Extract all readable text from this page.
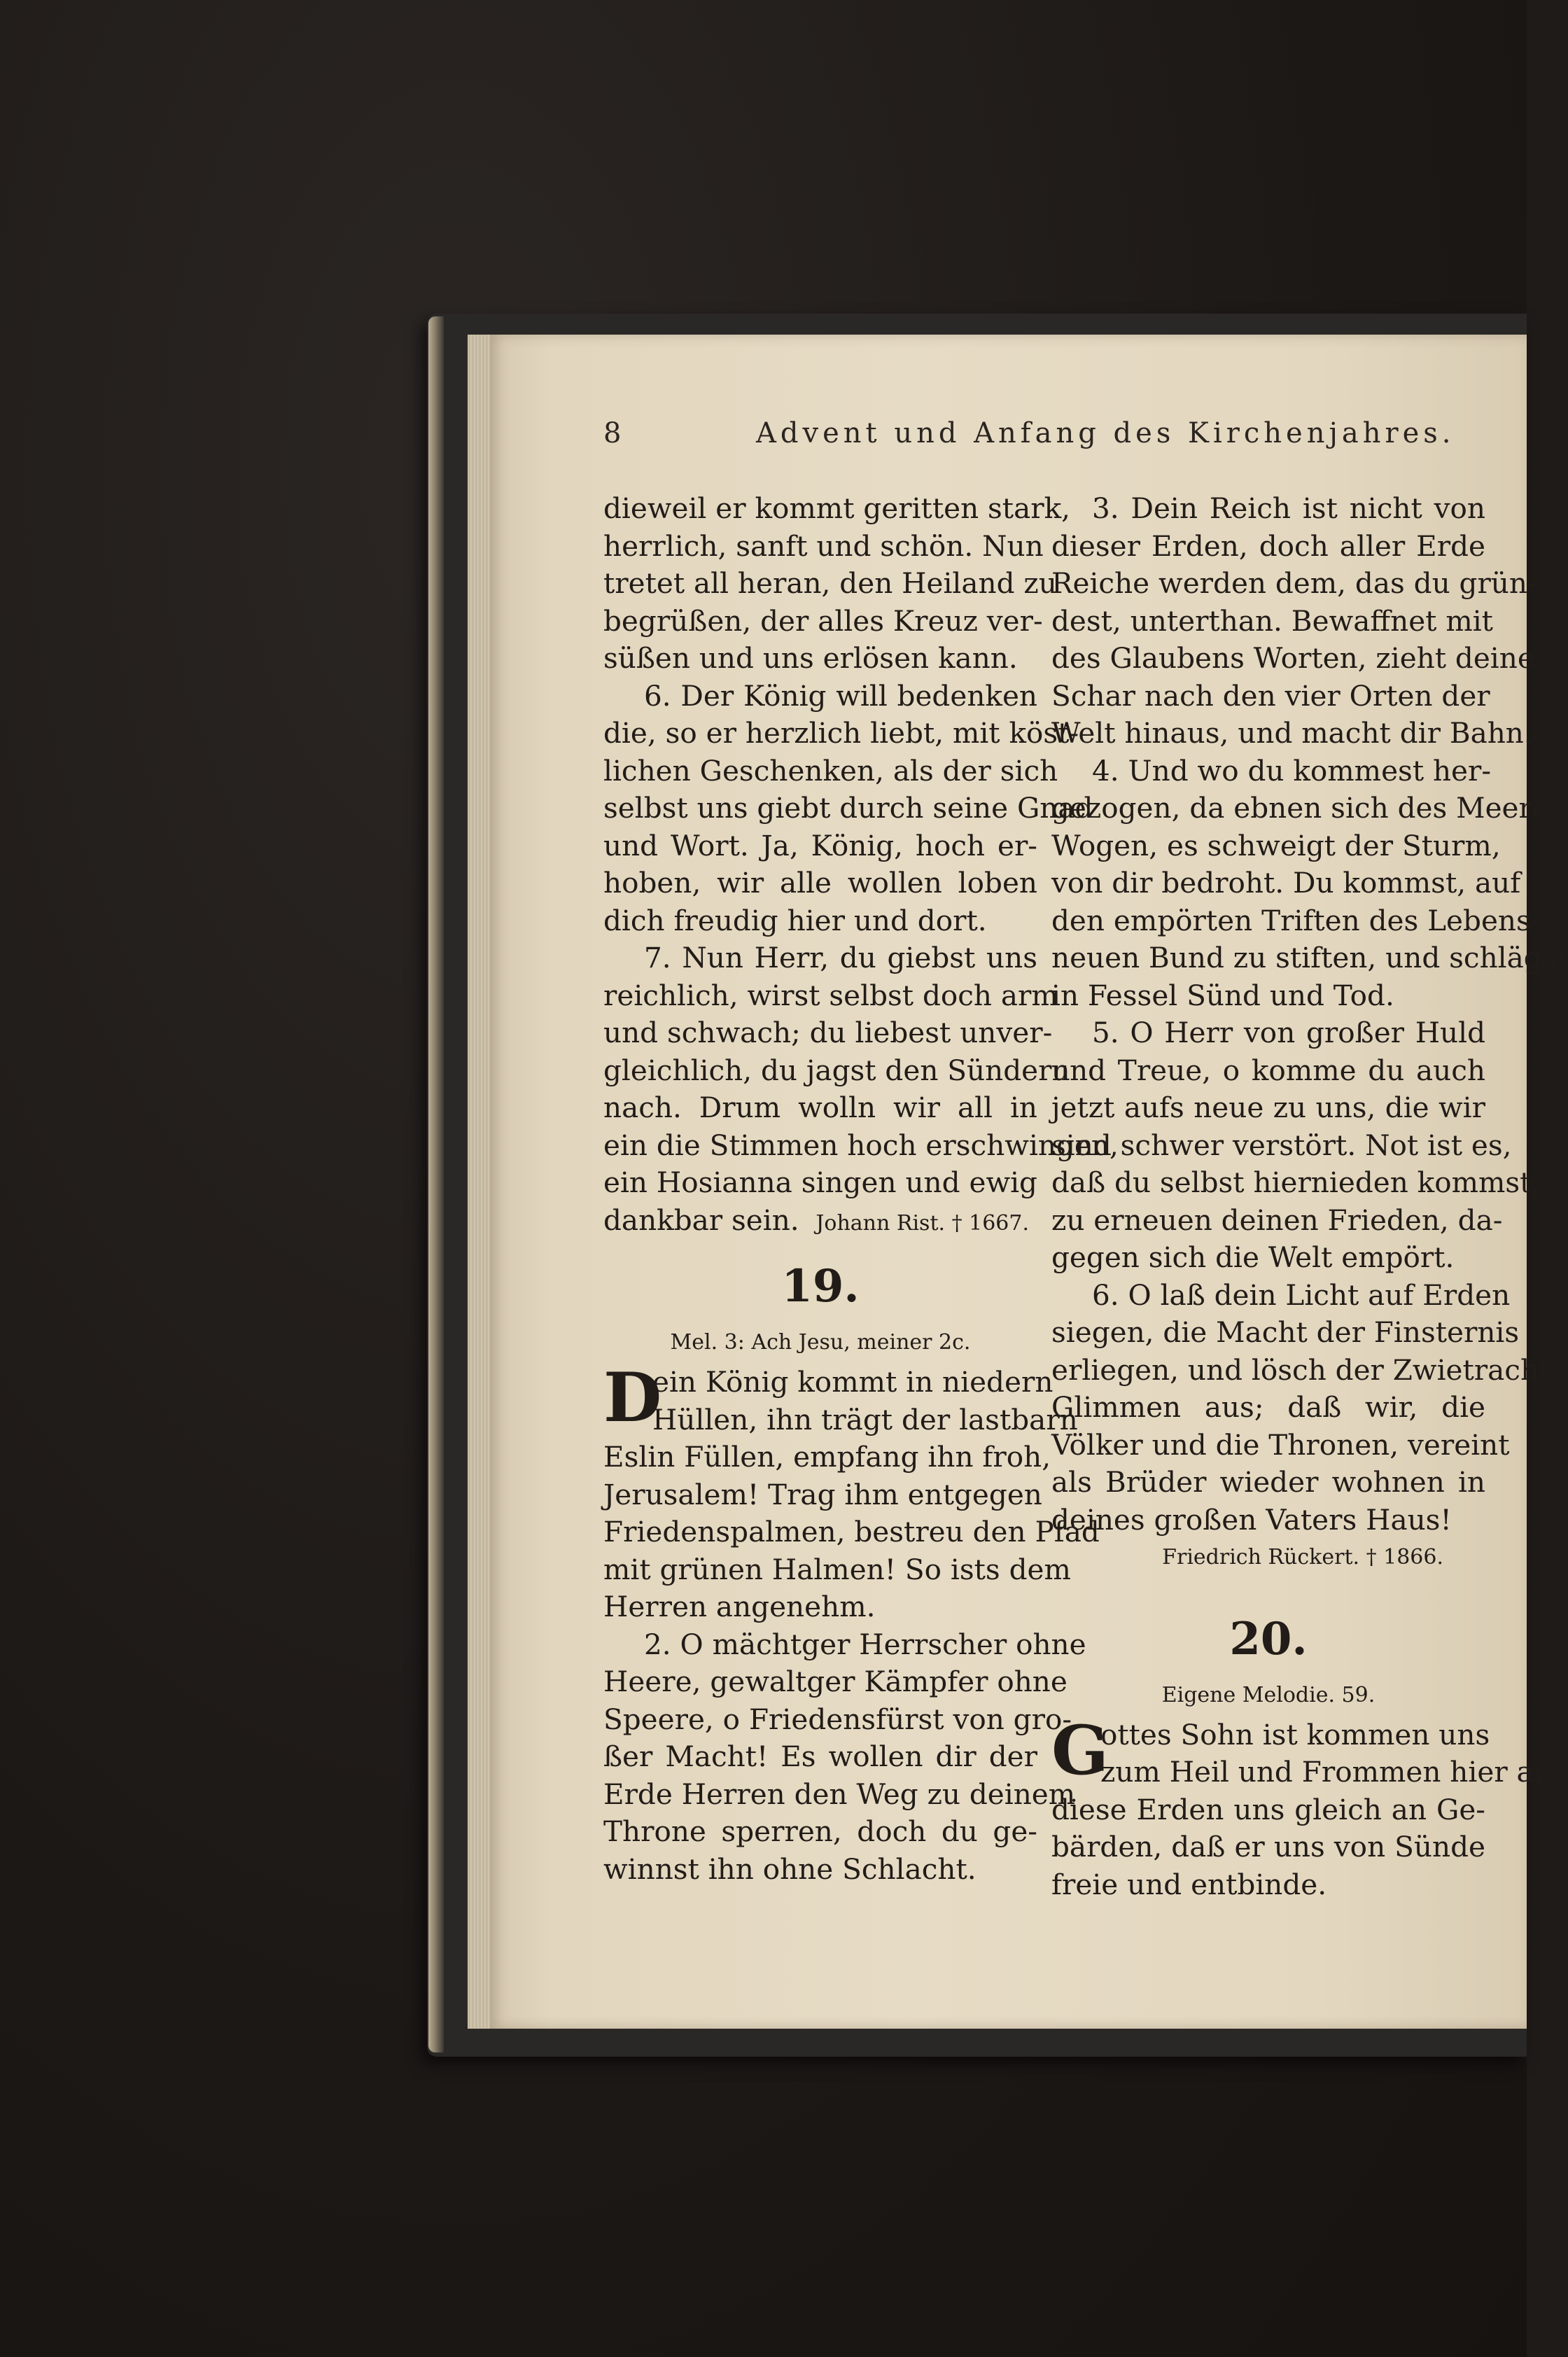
8	Advent und Anfang des Kirchenjahres.
dieweil er kommt geritten stark,
herrlich, sanft und schön. Nun
tretet all heran, den Heiland zu
begrüßen, der alles Kreuz ver-
süßen und uns erlösen kann.
6. Der König will bedenken
die, so er herzlich liebt, mit köst-
lichen Geschenken, als der sich
selbst uns giebt durch seine Gnad
und Wort. Ja, König, hoch er-
hoben, wir alle wollen loben
dich freudig hier und dort.
7. Nun Herr, du giebst uns
reichlich, wirst selbst doch arm
und schwach; du liebest unver-
gleichlich, du jagst den Sündern
nach. Drum wolln wir all in
ein die Stimmen hoch erschwingen,
ein Hosianna singen und ewig
dankbar sein. Johann Rist. † 1667.
19.
Mel. 3: Ach Jesu, meiner 2c.
D
ein König kommt in niedern
Hüllen, ihn trägt der lastbarn
Eslin Füllen, empfang ihn froh,
Jerusalem! Trag ihm entgegen
Friedenspalmen, bestreu den Pfad
mit grünen Halmen! So ists dem
Herren angenehm.
2. O mächtger Herrscher ohne
Heere, gewaltger Kämpfer ohne
Speere, o Friedensfürst von gro-
ßer Macht! Es wollen dir der
Erde Herren den Weg zu deinem
Throne sperren, doch du ge-
winnst ihn ohne Schlacht.
3. Dein Reich ist nicht von
dieser Erden, doch aller Erde
Reiche werden dem, das du grün-
dest, unterthan. Bewaffnet mit
des Glaubens Worten, zieht deine
Schar nach den vier Orten der
Welt hinaus, und macht dir Bahn.
4. Und wo du kommest her-
gezogen, da ebnen sich des Meeres
Wogen, es schweigt der Sturm,
von dir bedroht. Du kommst, auf
den empörten Triften des Lebens
neuen Bund zu stiften, und schlägst
in Fessel Sünd und Tod.
5. O Herr von großer Huld
und Treue, o komme du auch
jetzt aufs neue zu uns, die wir
sind schwer verstört. Not ist es,
daß du selbst hiernieden kommst,
zu erneuen deinen Frieden, da-
gegen sich die Welt empört.
6. O laß dein Licht auf Erden
siegen, die Macht der Finsternis
erliegen, und lösch der Zwietracht
Glimmen aus; daß wir, die
Völker und die Thronen, vereint
als Brüder wieder wohnen in
deines großen Vaters Haus!
Friedrich Rückert. † 1866.
20.
Eigene Melodie. 59.
G
ottes Sohn ist kommen uns
zum Heil und Frommen hier auf
diese Erden uns gleich an Ge-
bärden, daß er uns von Sünde
freie und entbinde.
